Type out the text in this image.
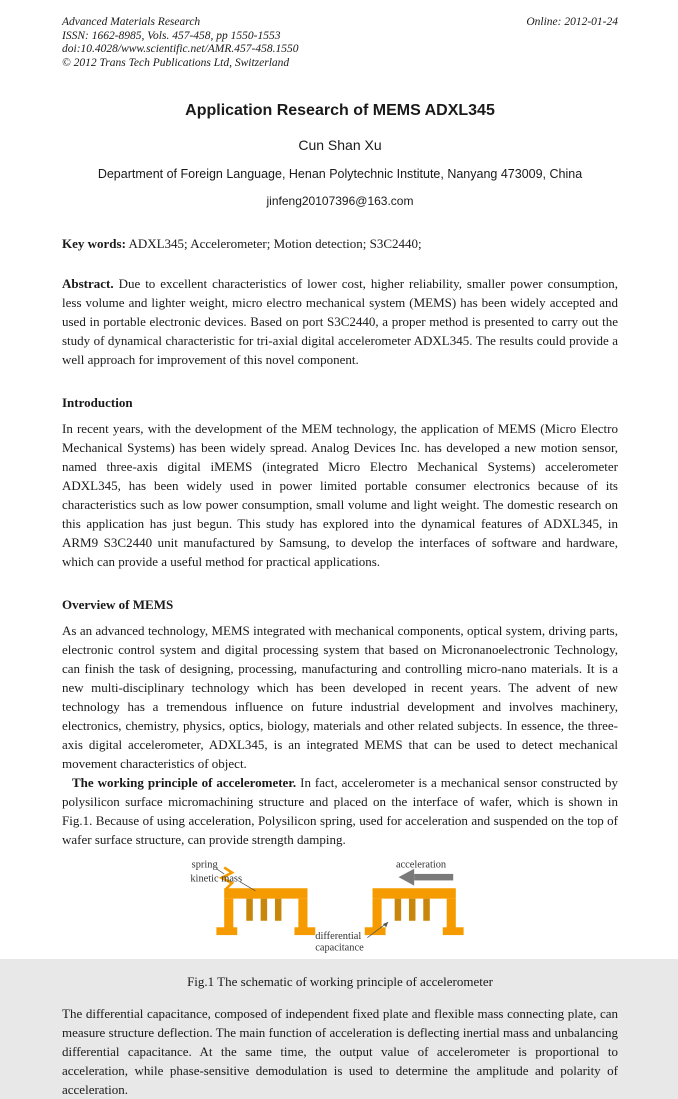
Advanced Materials Research
ISSN: 1662-8985, Vols. 457-458, pp 1550-1553
doi:10.4028/www.scientific.net/AMR.457-458.1550
© 2012 Trans Tech Publications Ltd, Switzerland
Online: 2012-01-24
Application Research of MEMS ADXL345
Cun Shan Xu
Department of Foreign Language, Henan Polytechnic Institute, Nanyang 473009, China
jinfeng20107396@163.com
Key words: ADXL345; Accelerometer; Motion detection; S3C2440;

Abstract. Due to excellent characteristics of lower cost, higher reliability, smaller power consumption, less volume and lighter weight, micro electro mechanical system (MEMS) has been widely accepted and used in portable electronic devices. Based on port S3C2440, a proper method is presented to carry out the study of dynamical characteristic for tri-axial digital accelerometer ADXL345. The results could provide a well approach for improvement of this novel component.

Introduction

In recent years, with the development of the MEM technology, the application of MEMS (Micro Electro Mechanical Systems) has been widely spread. Analog Devices Inc. has developed a new motion sensor, named three-axis digital iMEMS (integrated Micro Electro Mechanical Systems) accelerometer ADXL345, has been widely used in power limited portable consumer electronics because of its characteristics such as low power consumption, small volume and light weight. The domestic research on this application has just begun. This study has explored into the dynamical features of ADXL345, in ARM9 S3C2440 unit manufactured by Samsung, to develop the interfaces of software and hardware, which can provide a useful method for practical applications.

Overview of MEMS

As an advanced technology, MEMS integrated with mechanical components, optical system, driving parts, electronic control system and digital processing system that based on Micronanoelectronic Technology, can finish the task of designing, processing, manufacturing and controlling micro-nano materials. It is a new multi-disciplinary technology which has been developed in recent years. The advent of new technology has a tremendous influence on future industrial development and involves machinery, electronics, chemistry, physics, optics, biology, materials and other related subjects. In essence, the three-axis digital accelerometer, ADXL345, is an integrated MEMS that can be used to detect mechanical movement characteristics of object.

The working principle of accelerometer. In fact, accelerometer is a mechanical sensor constructed by polysilicon surface micromachining structure and placed on the interface of wafer, which is shown in Fig.1. Because of using acceleration, Polysilicon spring, used for acceleration and suspended on the top of wafer surface structure, can provide strength damping.

spring
kinetic mass
acceleration
differential
capacitance
Fig.1 The schematic of working principle of accelerometer

The differential capacitance, composed of independent fixed plate and flexible mass connecting plate, can measure structure deflection. The main function of acceleration is deflecting inertial mass and unbalancing differential capacitance. At the same time, the output value of accelerometer is proportional to acceleration, while phase-sensitive demodulation is used to determine the amplitude and polarity of acceleration.
